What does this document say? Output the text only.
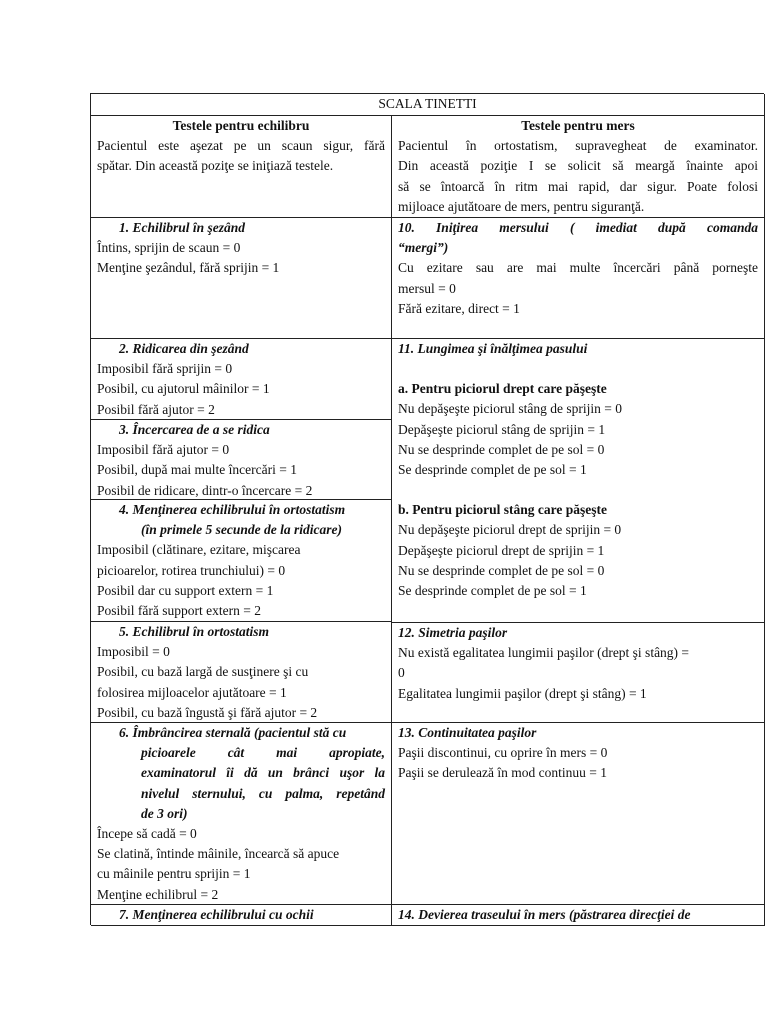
SCALA TINETTI
Testele pentru echilibru
Pacientul este aşezat pe un scaun sigur, fără
spătar. Din această poziţe se iniţiază testele.
1. Echilibrul în şezând
Întins, sprijin de scaun = 0
Menţine şezândul, fără sprijin = 1
2. Ridicarea din şezând
Imposibil fără sprijin = 0
Posibil, cu ajutorul mâinilor = 1
Posibil fără ajutor = 2
3. Încercarea de a se ridica
Imposibil fără ajutor = 0
Posibil, după mai multe încercări = 1
Posibil de ridicare, dintr-o încercare = 2
4. Menţinerea echilibrului în ortostatism
(în primele 5 secunde de la ridicare)
Imposibil (clătinare, ezitare, mişcarea
picioarelor, rotirea trunchiului) = 0
Posibil dar cu support extern = 1
Posibil fără support extern = 2
5. Echilibrul în ortostatism
Imposibil = 0
Posibil, cu bază largă de susţinere şi cu
folosirea mijloacelor ajutătoare = 1
Posibil, cu bază îngustă şi fără ajutor = 2
6. Îmbrâncirea sternală (pacientul stă cu
picioarele cât mai apropiate,
examinatorul îi dă un brânci uşor la
nivelul sternului, cu palma, repetând
de 3 ori)
Începe să cadă = 0
Se clatină, întinde mâinile, încearcă să apuce
cu mâinile pentru sprijin = 1
Menţine echilibrul = 2
7. Menţinerea echilibrului cu ochii
Testele pentru mers
Pacientul în ortostatism, supravegheat de examinator.
Din această poziţie I se solicit să meargă înainte apoi
să se întoarcă în ritm mai rapid, dar sigur. Poate folosi
mijloace ajutătoare de mers, pentru siguranţă.
10. Iniţirea mersului ( imediat după comanda
“mergi”)
Cu ezitare sau are mai multe încercări până porneşte
mersul = 0
Fără ezitare, direct = 1
11. Lungimea şi înălţimea pasului
a. Pentru piciorul drept care păşeşte
Nu depăşeşte piciorul stâng de sprijin = 0
Depăşeşte piciorul stâng de sprijin = 1
Nu se desprinde complet de pe sol = 0
Se desprinde complet de pe sol = 1
b. Pentru piciorul stâng care păşeşte
Nu depăşeşte piciorul drept de sprijin = 0
Depăşeşte piciorul drept de sprijin = 1
Nu se desprinde complet de pe sol = 0
Se desprinde complet de pe sol = 1
12. Simetria paşilor
Nu există egalitatea lungimii paşilor (drept şi stâng) =
0
Egalitatea lungimii paşilor (drept şi stâng) = 1
13. Continuitatea paşilor
Paşii discontinui, cu oprire în mers = 0
Paşii se derulează în mod continuu = 1
14. Devierea traseului în mers (păstrarea direcţiei de
